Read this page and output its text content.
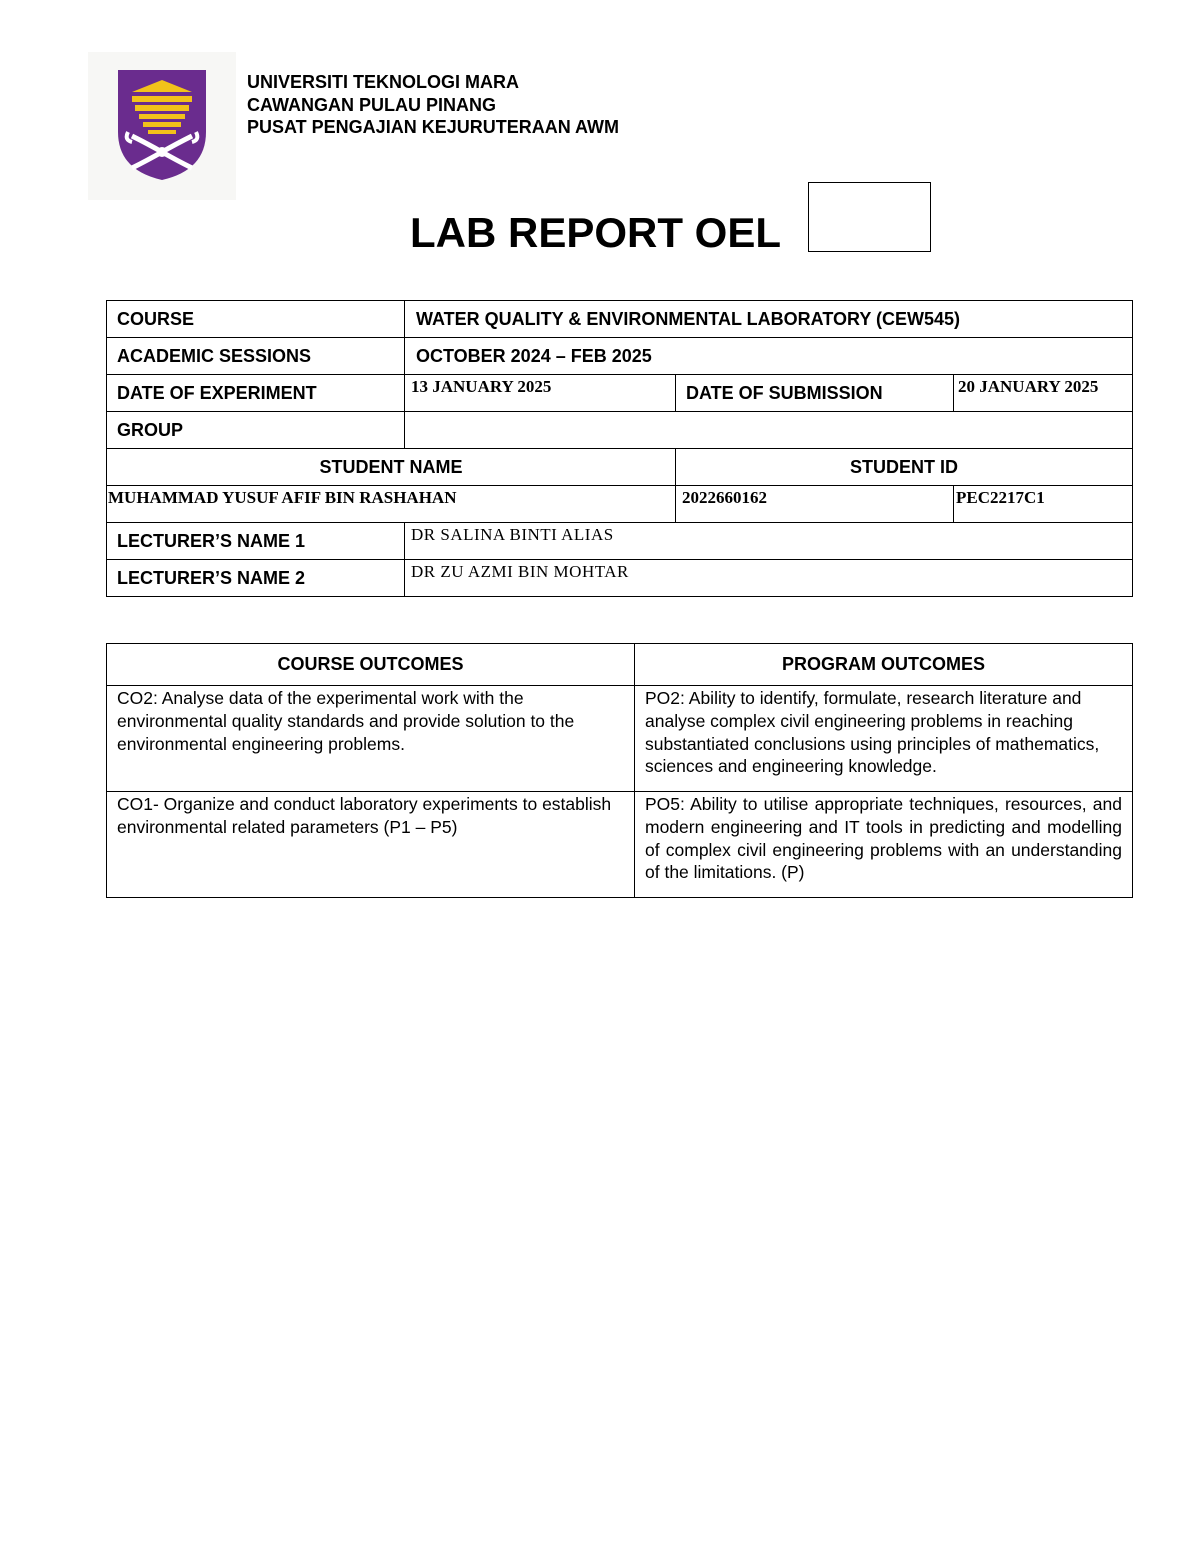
UNIVERSITI TEKNOLOGI MARA
CAWANGAN PULAU PINANG
PUSAT PENGAJIAN KEJURUTERAAN AWM
LAB REPORT OEL
COURSE	WATER QUALITY & ENVIRONMENTAL LABORATORY (CEW545)		
ACADEMIC SESSIONS	OCTOBER 2024 – FEB 2025		
DATE OF EXPERIMENT	13 JANUARY 2025	DATE OF SUBMISSION	20 JANUARY 2025
GROUP			
STUDENT NAME		STUDENT ID	
MUHAMMAD YUSUF AFIF BIN RASHAHAN		2022660162	PEC2217C1
LECTURER’S NAME 1	DR SALINA BINTI ALIAS		
LECTURER’S NAME 2	DR ZU AZMI BIN MOHTAR		
COURSE OUTCOMES	PROGRAM OUTCOMES
CO2: Analyse data of the experimental work with the environmental quality standards and provide solution to the environmental engineering problems.	PO2: Ability to identify, formulate, research literature and analyse complex civil engineering problems in reaching substantiated conclusions using principles of mathematics, sciences and engineering knowledge.
CO1- Organize and conduct laboratory experiments to establish environmental related parameters (P1 – P5)	PO5: Ability to utilise appropriate techniques, resources, and modern engineering and IT tools in predicting and modelling of complex civil engineering problems with an understanding of the limitations. (P)
